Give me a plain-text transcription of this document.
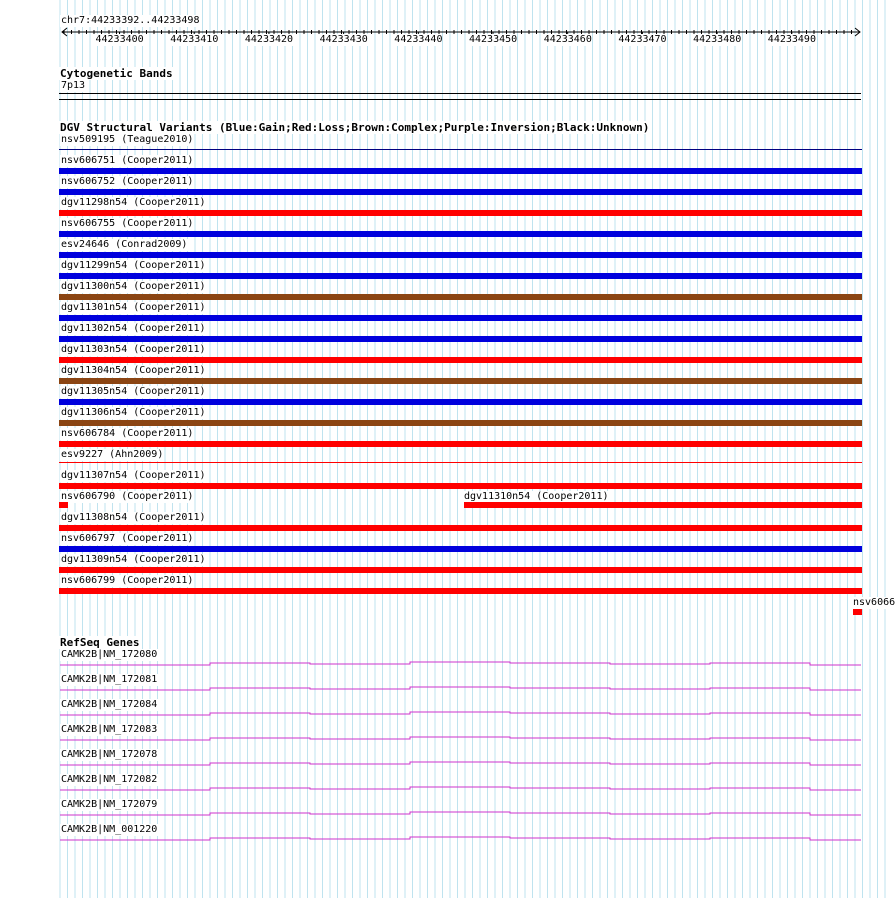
chr7:44233392..44233498
44233400	44233410	44233420	44233430	44233440	44233450	44233460	44233470	44233480	44233490
Cytogenetic Bands
7p13
DGV Structural Variants (Blue:Gain;Red:Loss;Brown:Complex;Purple:Inversion;Black:Unknown)
nsv509195 (Teague2010)
nsv606751 (Cooper2011)
nsv606752 (Cooper2011)
dgv11298n54 (Cooper2011)
nsv606755 (Cooper2011)
esv24646 (Conrad2009)
dgv11299n54 (Cooper2011)
dgv11300n54 (Cooper2011)
dgv11301n54 (Cooper2011)
dgv11302n54 (Cooper2011)
dgv11303n54 (Cooper2011)
dgv11304n54 (Cooper2011)
dgv11305n54 (Cooper2011)
dgv11306n54 (Cooper2011)
nsv606784 (Cooper2011)
esv9227 (Ahn2009)
dgv11307n54 (Cooper2011)
nsv606790 (Cooper2011)	dgv11310n54 (Cooper2011)
dgv11308n54 (Cooper2011)
nsv606797 (Cooper2011)
dgv11309n54 (Cooper2011)
nsv606799 (Cooper2011)
nsv6066
RefSeq Genes
CAMK2B|NM_172080
CAMK2B|NM_172081
CAMK2B|NM_172084
CAMK2B|NM_172083
CAMK2B|NM_172078
CAMK2B|NM_172082
CAMK2B|NM_172079
CAMK2B|NM_001220
